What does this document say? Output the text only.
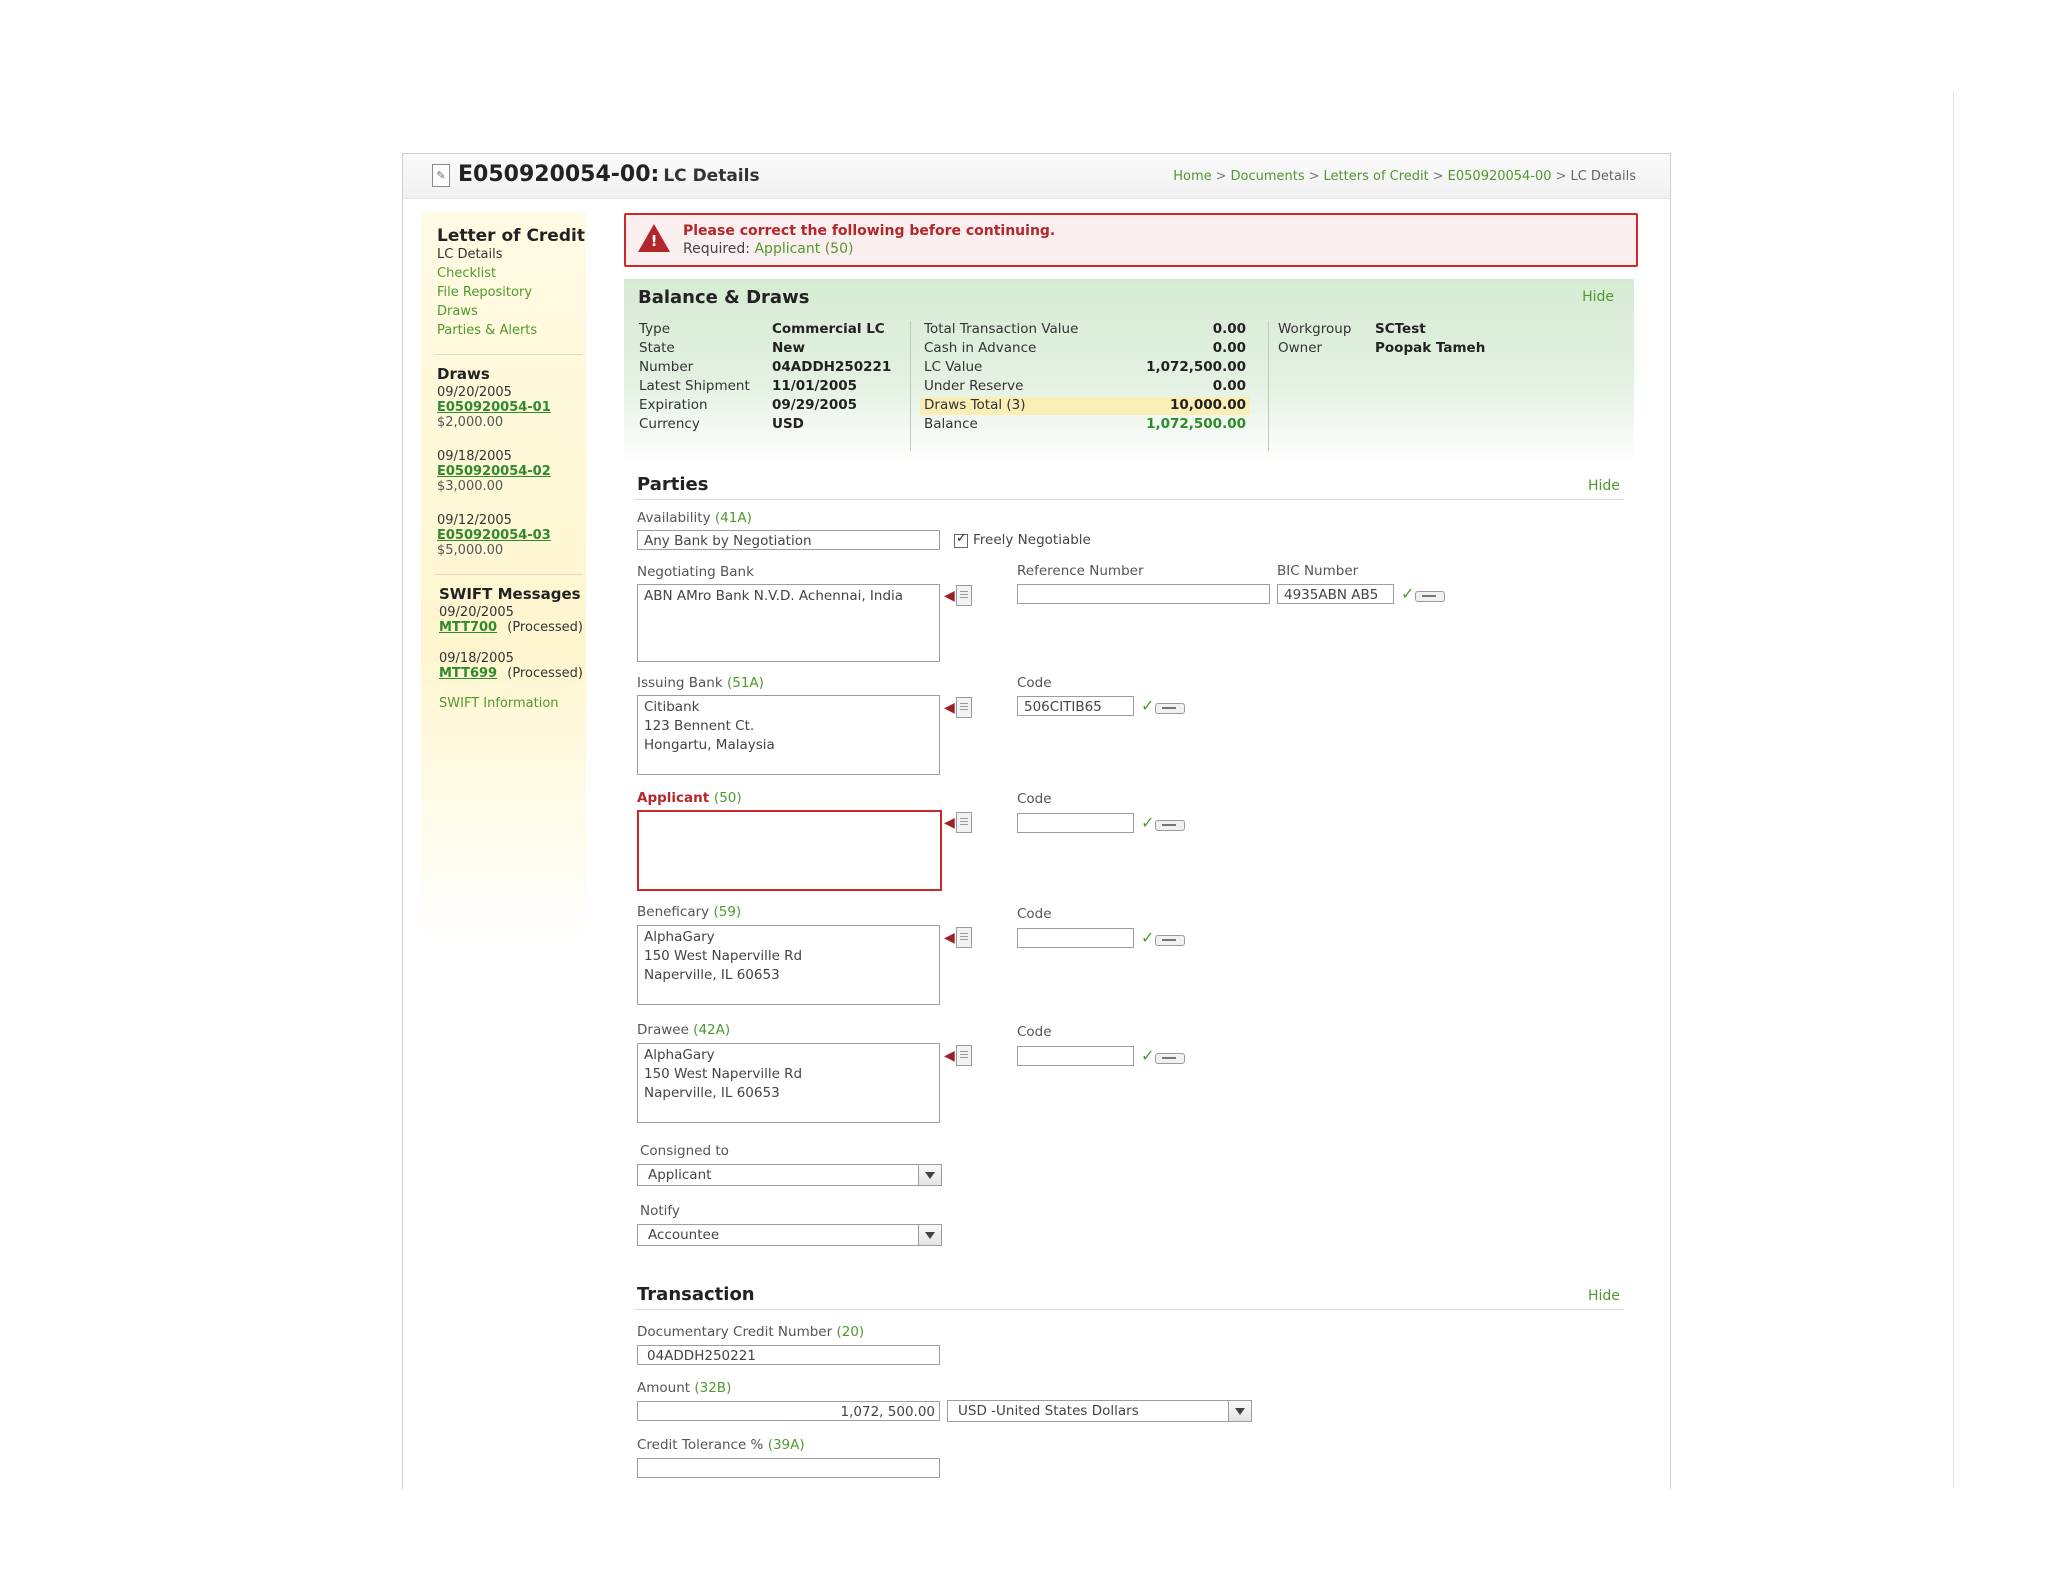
✎ E050920054-00: LC Details	Home > Documents > Letters of Credit > E050920054-00 > LC Details
Letter of Credit
LC Details
Checklist
File Repository
Draws
Parties & Alerts
Draws
09/20/2005
E050920054-01
$2,000.00
09/18/2005
E050920054-02
$3,000.00
09/12/2005
E050920054-03
$5,000.00
SWIFT Messages
09/20/2005
MTT700 (Processed)
09/18/2005
MTT699 (Processed)
SWIFT Information
!
Please correct the following before continuing.
Required: Applicant (50)
Balance & Draws	Hide
Type	Commercial LC
State	New
Number	04ADDH250221
Latest Shipment 11/01/2005
Expiration	09/29/2005
Currency	USD
Total Transaction Value	0.00
Cash in Advance	0.00
LC Value	1,072,500.00
Under Reserve	0.00
Draws Total (3)	10,000.00
Balance	1,072,500.00
Workgroup SCTest
Owner	Poopak Tameh
Parties	Hide
Availability (41A)
Any Bank by Negotiation
✓	Freely Negotiable
Negotiating Bank
ABN AMro Bank N.V.D. Achennai, India	◀
Reference Number	BIC Number
4935ABN AB5	✓
Issuing Bank (51A)
Citibank
123 Bennent Ct.
Hongartu, Malaysia
◀
Code
506CITIB65	✓
Applicant (50)
◀
Code
✓
Beneficary (59)
AlphaGary
150 West Naperville Rd
Naperville, IL 60653
◀
Code
✓
Drawee (42A)
AlphaGary
150 West Naperville Rd
Naperville, IL 60653
◀
Code
✓
Consigned to
Applicant
Notify
Accountee
Transaction	Hide
Documentary Credit Number (20)
04ADDH250221
Amount (32B)
1,072, 500.00	USD -United States Dollars
Credit Tolerance % (39A)
